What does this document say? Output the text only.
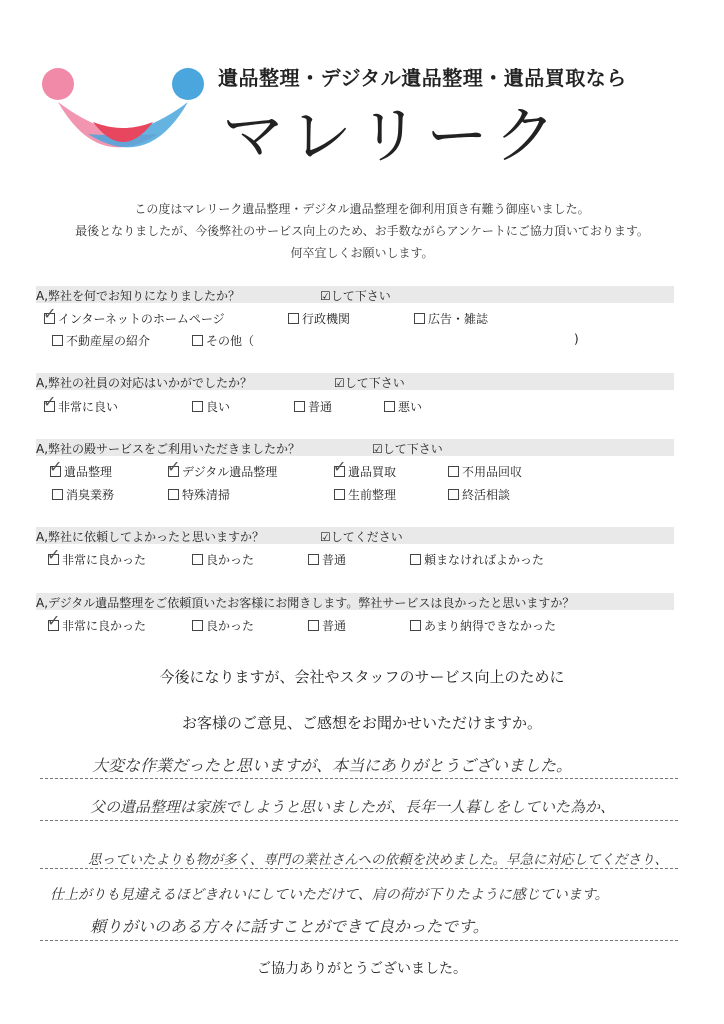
遺品整理・デジタル遺品整理・遺品買取なら
マレリーク
この度はマレリーク遺品整理・デジタル遺品整理を御利用頂き有難う御座いました。
最後となりましたが、今後弊社のサービス向上のため、お手数ながらアンケートにご協力頂いております。
何卒宜しくお願いします。
A,弊社を何でお知りになりましたか？	☑して下さい
✓ インターネットのホームページ	行政機関	広告・雑誌
不動産屋の紹介	その他（	)
A,弊社の社員の対応はいかがでしたか？	☑して下さい
✓ 非常に良い	良い	普通	悪い
A,弊社の殿サービスをご利用いただきましたか？	☑して下さい
✓ 遺品整理	✓ デジタル遺品整理	✓ 遺品買取	不用品回収
消臭業務	特殊清掃	生前整理	終活相談
A,弊社に依頼してよかったと思いますか？	☑してください
✓ 非常に良かった	良かった	普通	頼まなければよかった
A,デジタル遺品整理をご依頼頂いたお客様にお聞きします。弊社サービスは良かったと思いますか？
✓ 非常に良かった	良かった	普通	あまり納得できなかった
今後になりますが、会社やスタッフのサービス向上のために
お客様のご意見、ご感想をお聞かせいただけますか。
大変な作業だったと思いますが、本当にありがとうございました。
父の遺品整理は家族でしようと思いましたが、長年一人暮しをしていた為か、
思っていたよりも物が多く、専門の業社さんへの依頼を決めました。早急に対応してくださり、
仕上がりも見違えるほどきれいにしていただけて、肩の荷が下りたように感じています。
頼りがいのある方々に話すことができて良かったです。
ご協力ありがとうございました。
